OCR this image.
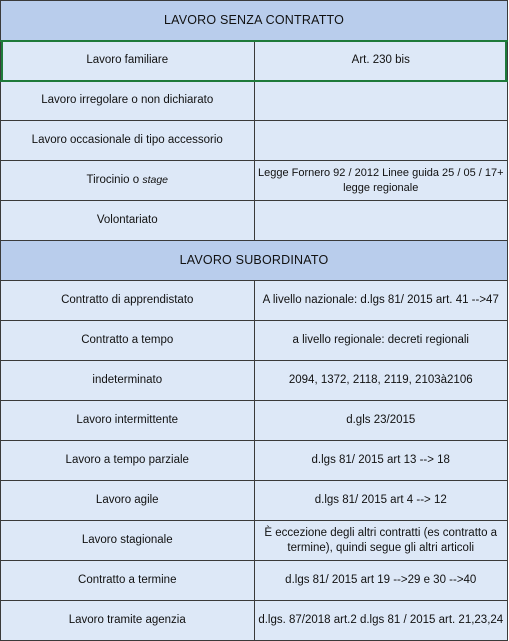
LAVORO SENZA CONTRATTO	
Lavoro familiare	Art. 230 bis
Lavoro irregolare o non dichiarato	
Lavoro occasionale di tipo accessorio	
Tirocinio o stage	Legge Fornero 92 / 2012 Linee guida 25 / 05 / 17+ legge regionale
Volontariato	
LAVORO SUBORDINATO	
Contratto di apprendistato	A livello nazionale: d.lgs 81/ 2015 art. 41 -->47
Contratto a tempo	a livello regionale: decreti regionali
indeterminato	2094, 1372, 2118, 2119, 2103à2106
Lavoro intermittente	d.gls 23/2015
Lavoro a tempo parziale	d.lgs 81/ 2015 art 13 --> 18
Lavoro agile	d.lgs 81/ 2015 art 4 --> 12
Lavoro stagionale	È eccezione degli altri contratti (es contratto a termine), quindi segue gli altri articoli
Contratto a termine	d.lgs 81/ 2015 art 19 -->29 e 30 -->40
Lavoro tramite agenzia	d.lgs. 87/2018 art.2 d.lgs 81 / 2015 art. 21,23,24
